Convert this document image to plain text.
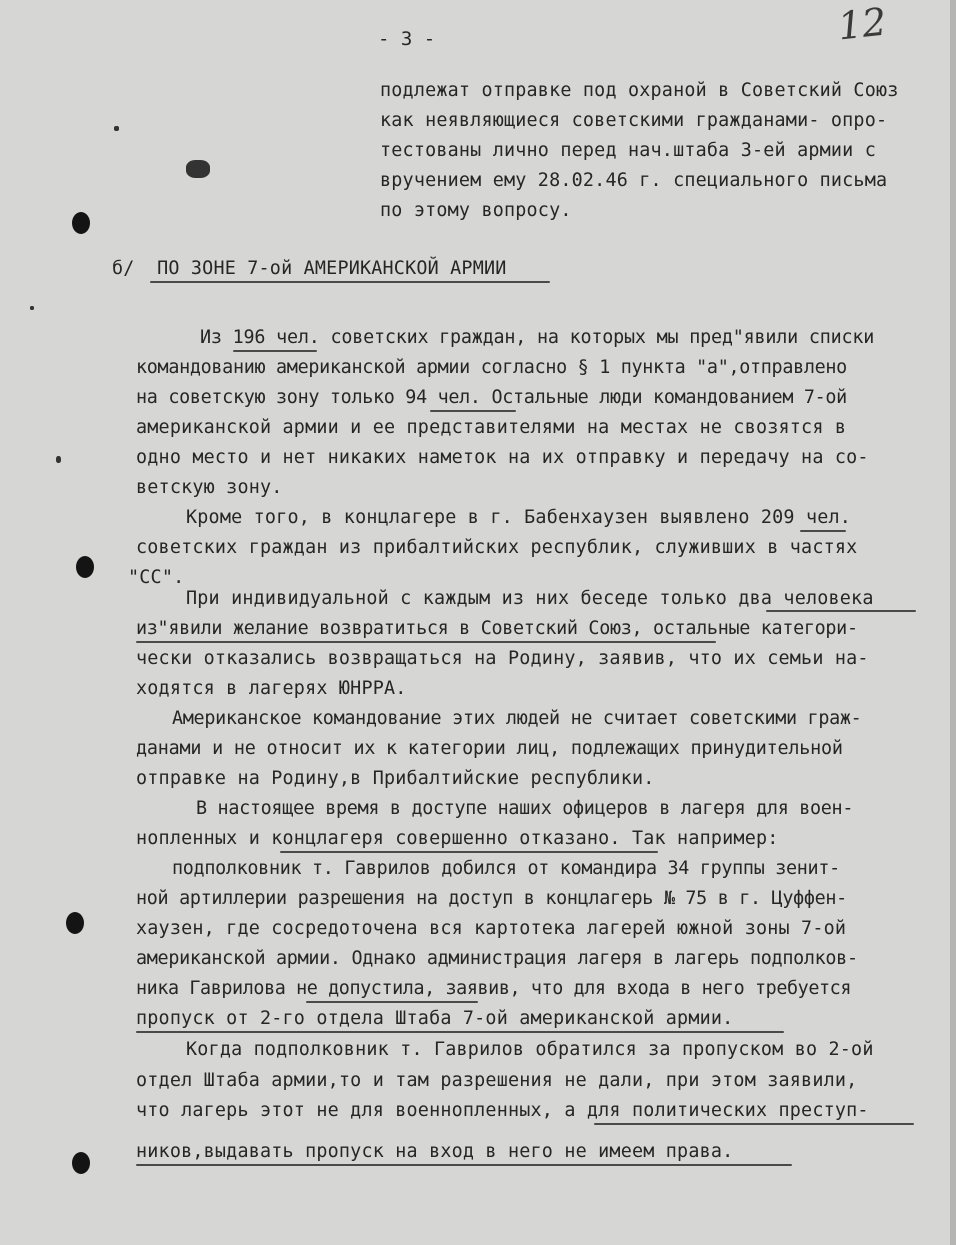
12
- 3 -
подлежат отправке под охраной в Советский Союз
как неявляющиеся советскими гражданами- опро-
тестованы лично перед нач.штаба 3-ей армии с
вручением ему 28.02.46 г. специального письма
по этому вопросу.
б/  ПО ЗОНЕ 7-ой АМЕРИКАНСКОЙ АРМИИ
Из 196 чел. советских граждан, на которых мы пред"явили списки
командованию американской армии согласно § 1 пункта "а",отправлено
на советскую зону только 94 чел. Остальные люди командованием 7-ой
американской армии и ее представителями на местах не свозятся в
одно место и нет никаких наметок на их отправку и передачу на со-
ветскую зону.
Кроме того, в концлагере в г. Бабенхаузен выявлено 209 чел.
советских граждан из прибалтийских республик, служивших в частях
"СС".
При индивидуальной с каждым из них беседе только два человека
из"явили желание возвратиться в Советский Союз, остальные категори-
чески отказались возвращаться на Родину, заявив, что их семьи на-
ходятся в лагерях ЮНРРА.
Американское командование этих людей не считает советскими граж-
данами и не относит их к категории лиц, подлежащих принудительной
отправке на Родину,в Прибалтийские республики.
В настоящее время в доступе наших офицеров в лагеря для воен-
нопленных и концлагеря совершенно отказано. Так например:
подполковник т. Гаврилов добился от командира 34 группы зенит-
ной артиллерии разрешения на доступ в концлагерь № 75 в г. Цуффен-
хаузен, где сосредоточена вся картотека лагерей южной зоны 7-ой
американской армии. Однако администрация лагеря в лагерь подполков-
ника Гаврилова не допустила, заявив, что для входа в него требуется
пропуск от 2-го отдела Штаба 7-ой американской армии.
Когда подполковник т. Гаврилов обратился за пропуском во 2-ой
отдел Штаба армии,то и там разрешения не дали, при этом заявили,
что лагерь этот не для военнопленных, а для политических преступ-
ников,выдавать пропуск на вход в него не имеем права.
